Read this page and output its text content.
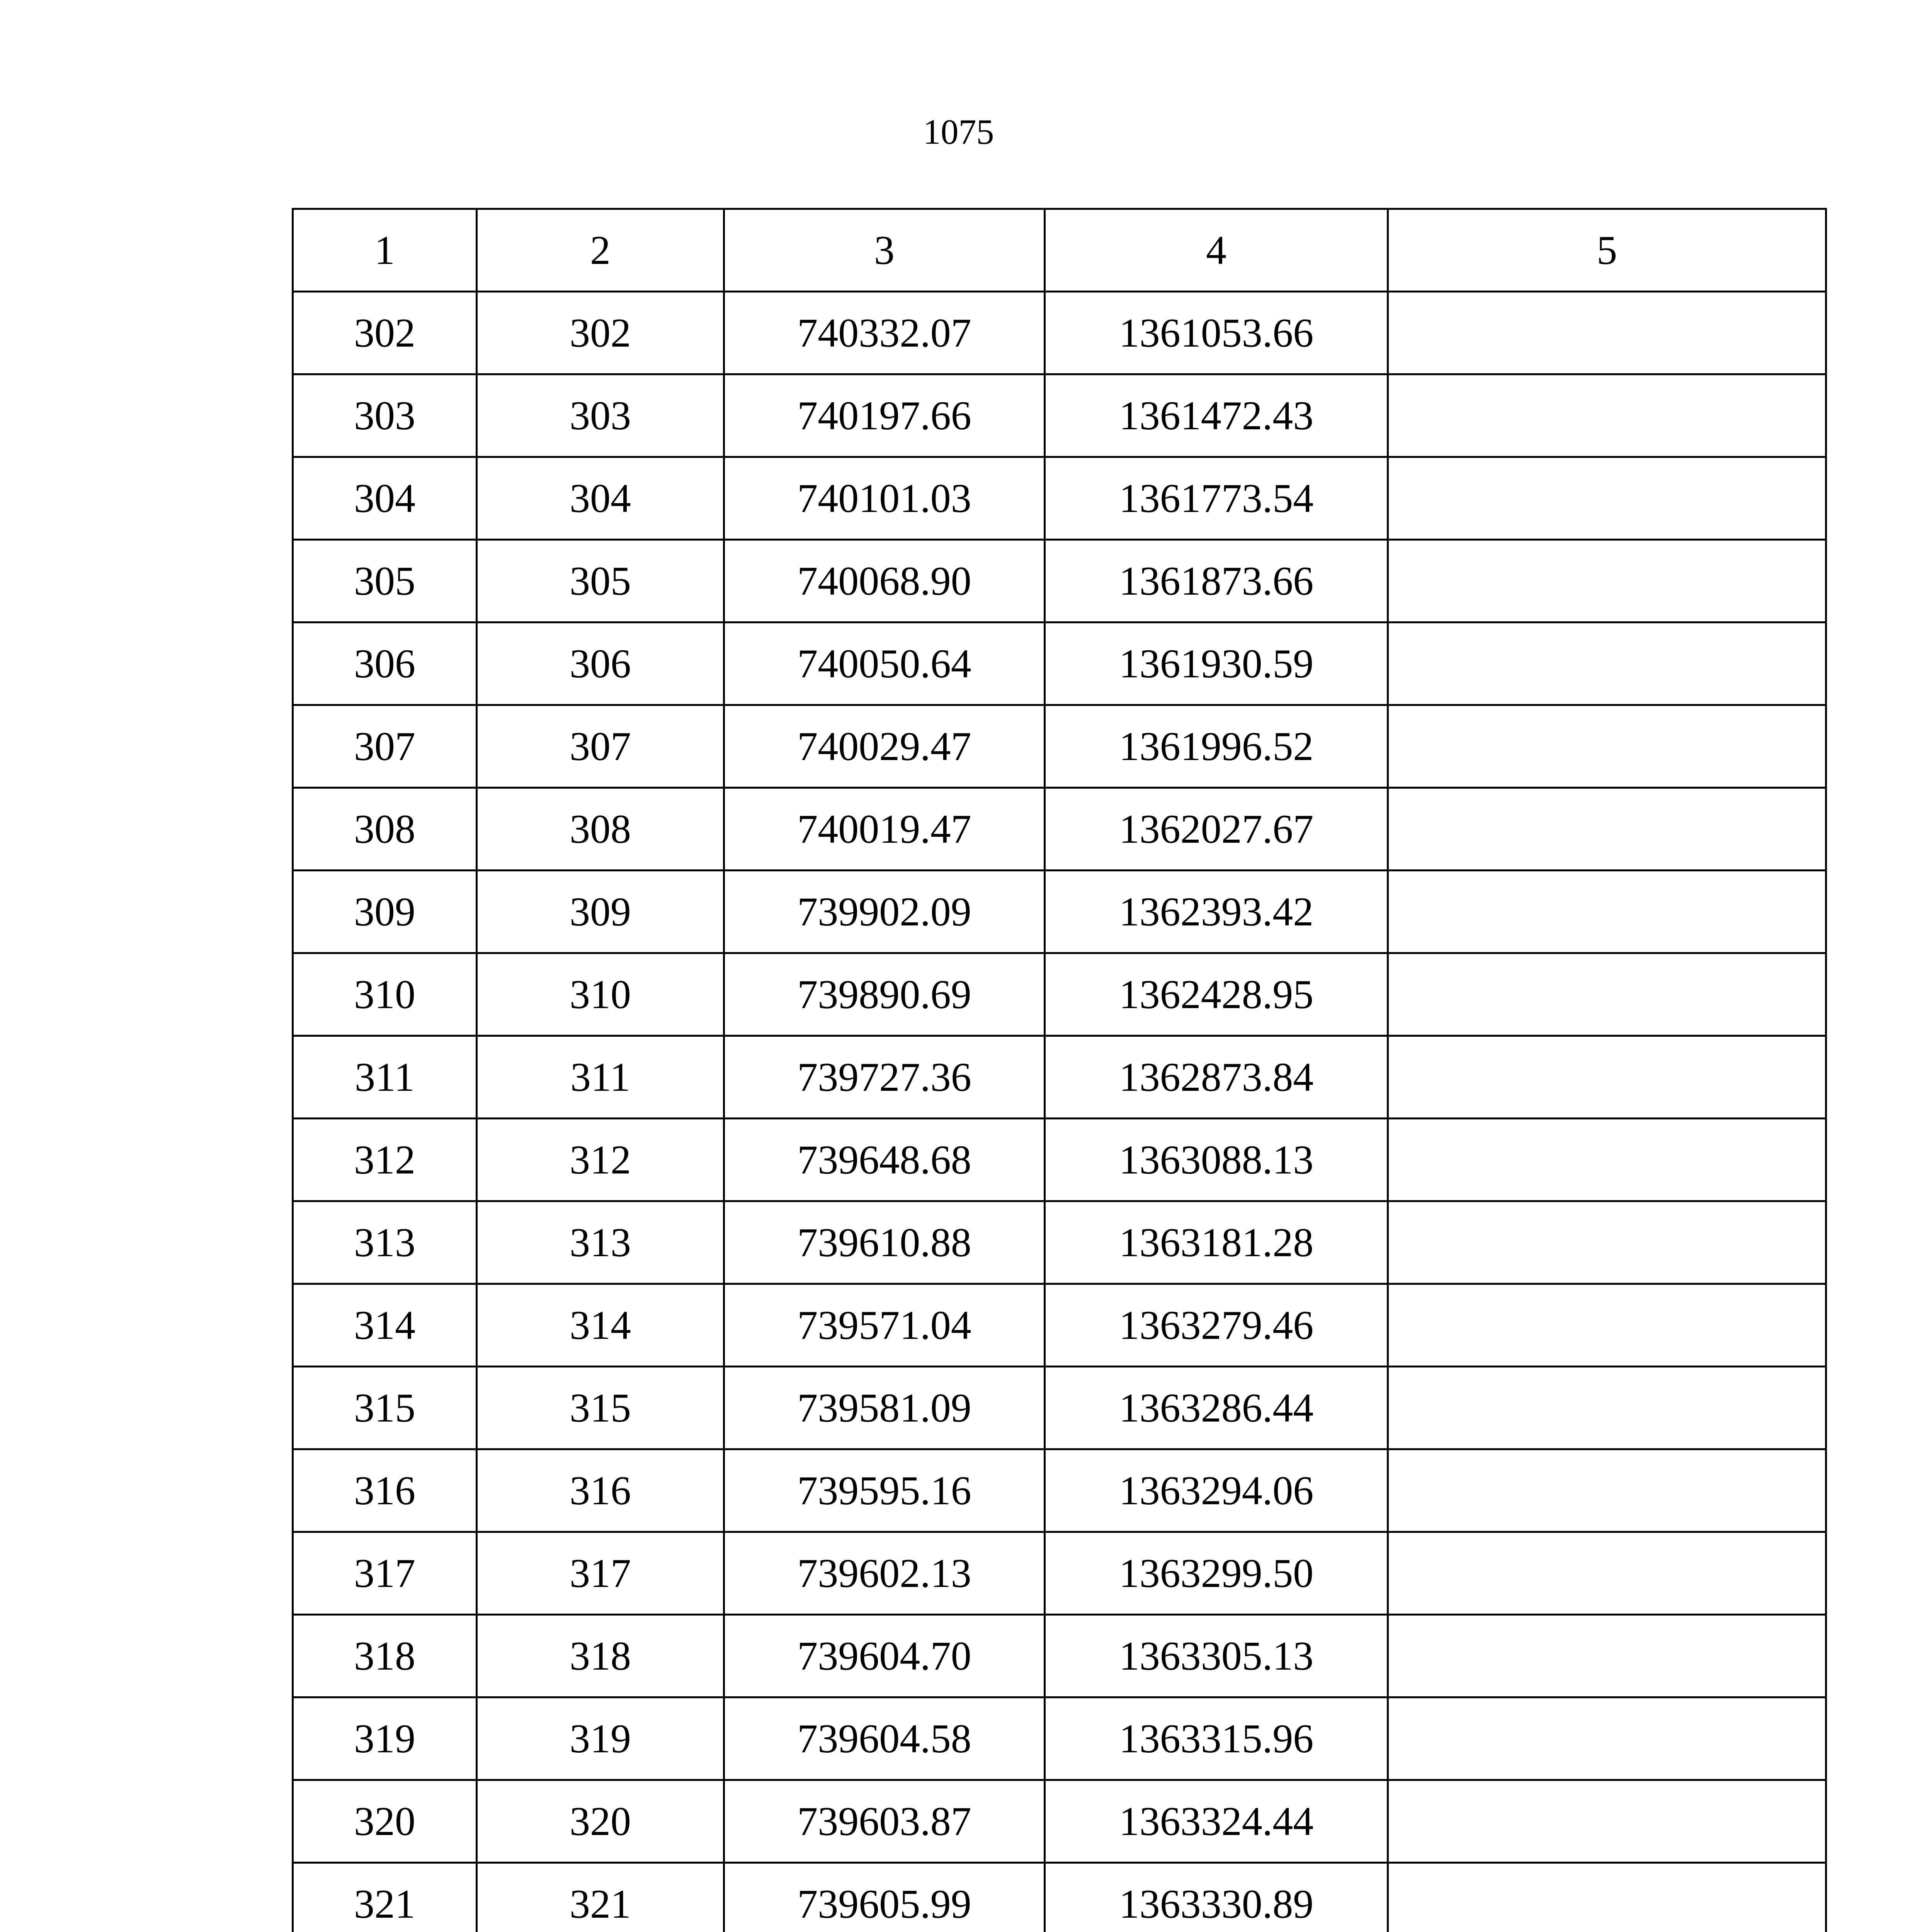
1075
1	2	3	4	5
302	302	740332.07	1361053.66	
303	303	740197.66	1361472.43	
304	304	740101.03	1361773.54	
305	305	740068.90	1361873.66	
306	306	740050.64	1361930.59	
307	307	740029.47	1361996.52	
308	308	740019.47	1362027.67	
309	309	739902.09	1362393.42	
310	310	739890.69	1362428.95	
311	311	739727.36	1362873.84	
312	312	739648.68	1363088.13	
313	313	739610.88	1363181.28	
314	314	739571.04	1363279.46	
315	315	739581.09	1363286.44	
316	316	739595.16	1363294.06	
317	317	739602.13	1363299.50	
318	318	739604.70	1363305.13	
319	319	739604.58	1363315.96	
320	320	739603.87	1363324.44	
321	321	739605.99	1363330.89	
